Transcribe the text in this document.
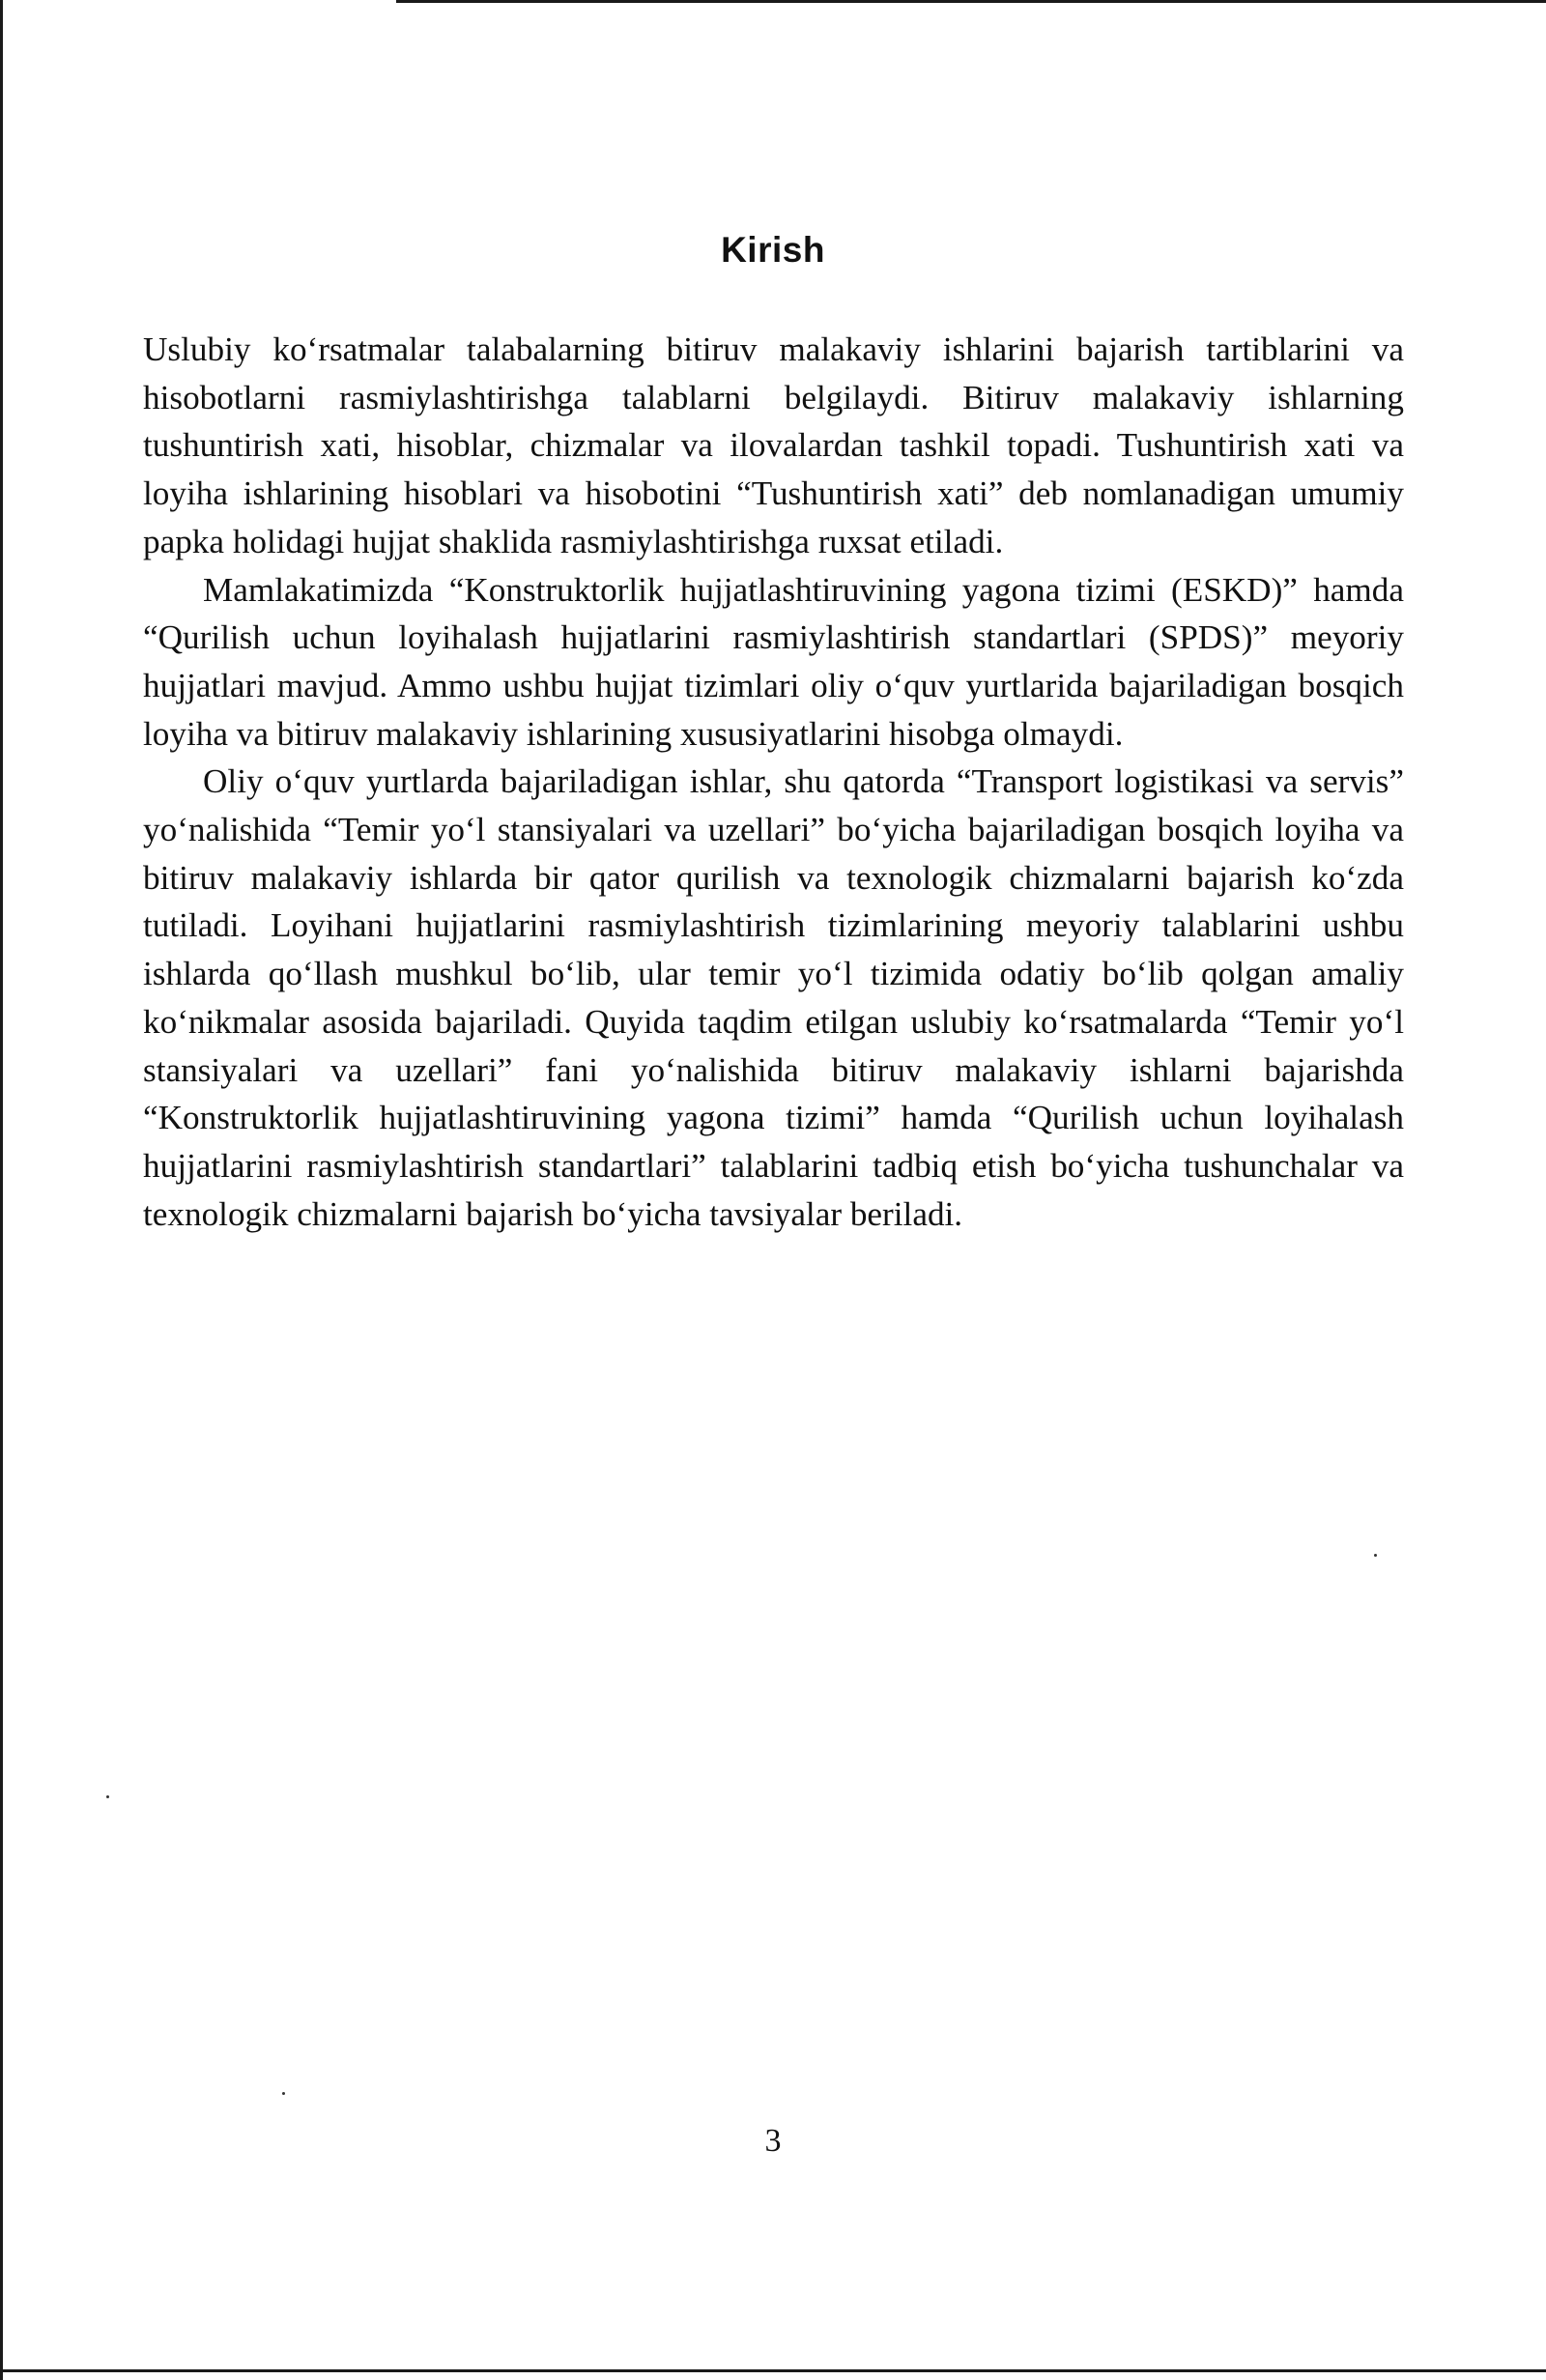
Kirish

Uslubiy ko‘rsatmalar talabalarning bitiruv malakaviy ishlarini bajarish tartiblarini va hisobotlarni rasmiylashtirishga talablarni belgilaydi. Bitiruv malakaviy ishlarning tushuntirish xati, hisoblar, chizmalar va ilovalardan tashkil topadi. Tushuntirish xati va loyiha ishlarining hisoblari va hisobotini “Tushuntirish xati” deb nomlanadigan umumiy papka holidagi hujjat shaklida rasmiylashtirishga ruxsat etiladi.

Mamlakatimizda “Konstruktorlik hujjatlashtiruvining yagona tizimi (ESKD)” hamda “Qurilish uchun loyihalash hujjatlarini rasmiylashtirish standartlari (SPDS)” meyoriy hujjatlari mavjud. Ammo ushbu hujjat tizimlari oliy o‘quv yurtlarida bajariladigan bosqich loyiha va bitiruv malakaviy ishlarining xususiyatlarini hisobga olmaydi.

Oliy o‘quv yurtlarda bajariladigan ishlar, shu qatorda “Transport logistikasi va servis” yo‘nalishida “Temir yo‘l stansiyalari va uzellari” bo‘yicha bajariladigan bosqich loyiha va bitiruv malakaviy ishlarda bir qator qurilish va texnologik chizmalarni bajarish ko‘zda tutiladi. Loyihani hujjatlarini rasmiylashtirish tizimlarining meyoriy talablarini ushbu ishlarda qo‘llash mushkul bo‘lib, ular temir yo‘l tizimida odatiy bo‘lib qolgan amaliy ko‘nikmalar asosida bajariladi. Quyida taqdim etilgan uslubiy ko‘rsatmalarda “Temir yo‘l stansiyalari va uzellari” fani yo‘nalishida bitiruv malakaviy ishlarni bajarishda “Konstruktorlik hujjatlashtiruvining yagona tizimi” hamda “Qurilish uchun loyihalash hujjatlarini rasmiylashtirish standartlari” talablarini tadbiq etish bo‘yicha tushunchalar va texnologik chizmalarni bajarish bo‘yicha tavsiyalar beriladi.

3
